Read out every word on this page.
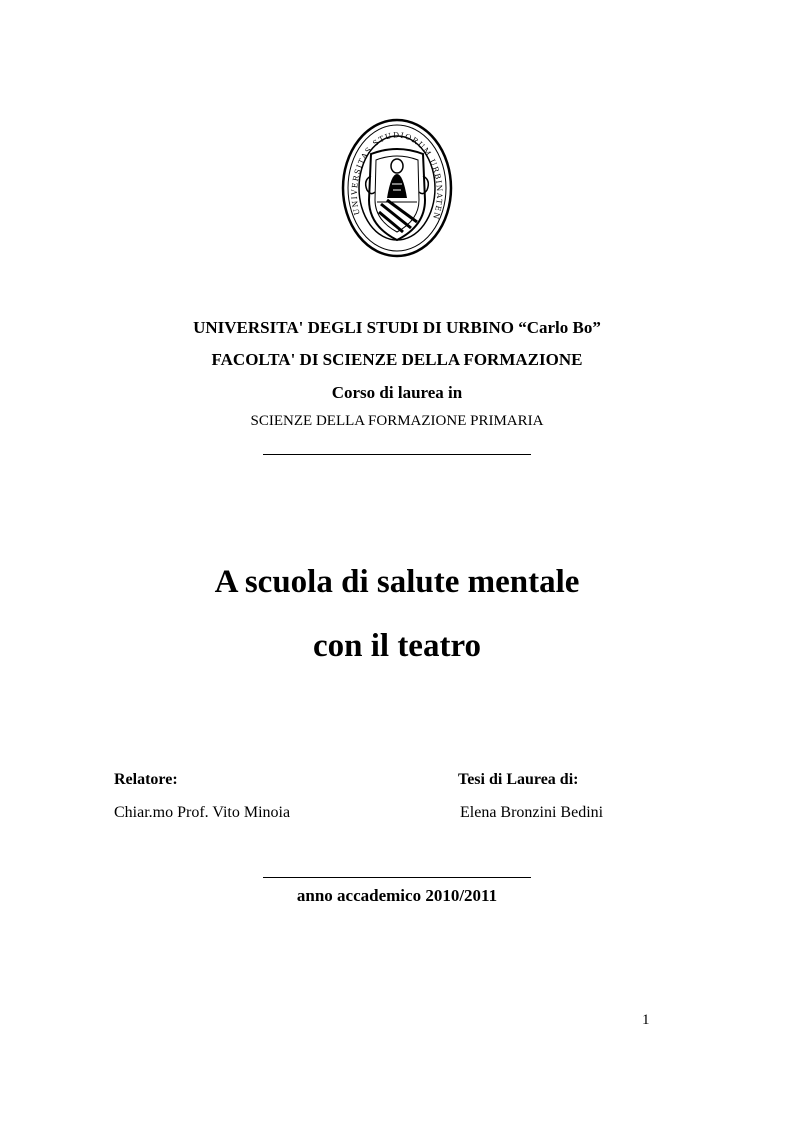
UNIVERSITAS STUDIORUM URBINATEN
UNIVERSITA' DEGLI STUDI DI URBINO “Carlo Bo”
FACOLTA' DI SCIENZE DELLA FORMAZIONE
Corso di laurea in
SCIENZE DELLA FORMAZIONE PRIMARIA
A scuola di salute mentale
con il teatro
Relatore:
Chiar.mo Prof. Vito Minoia
Tesi di Laurea di:
Elena Bronzini Bedini
anno accademico 2010/2011
1
